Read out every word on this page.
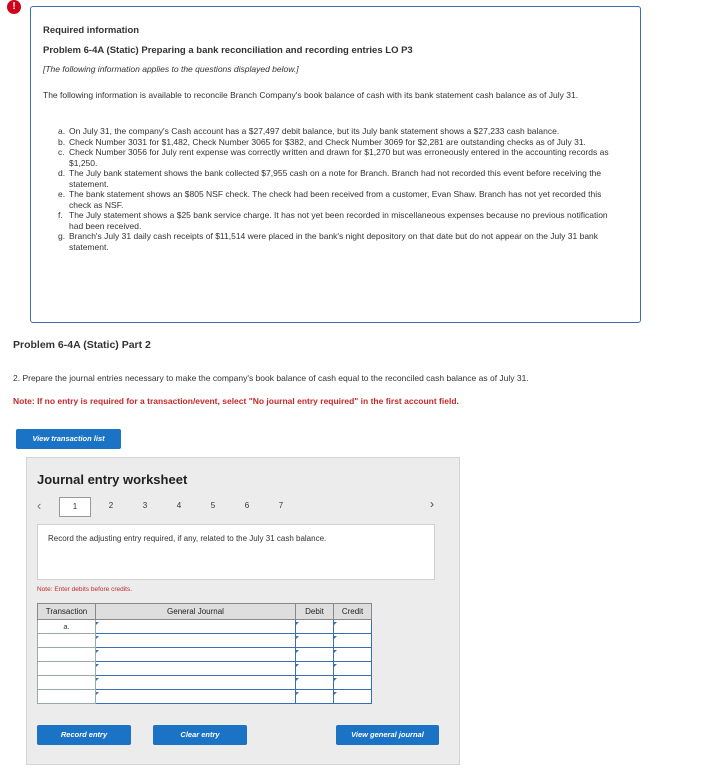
!
Required information
Problem 6-4A (Static) Preparing a bank reconciliation and recording entries LO P3
[The following information applies to the questions displayed below.]
The following information is available to reconcile Branch Company's book balance of cash with its bank statement cash balance as of July 31.
a. On July 31, the company's Cash account has a $27,497 debit balance, but its July bank statement shows a $27,233 cash balance.
b. Check Number 3031 for $1,482, Check Number 3065 for $382, and Check Number 3069 for $2,281 are outstanding checks as of July 31.
c. Check Number 3056 for July rent expense was correctly written and drawn for $1,270 but was erroneously entered in the accounting records as $1,250.
d. The July bank statement shows the bank collected $7,955 cash on a note for Branch. Branch had not recorded this event before receiving the statement.
e. The bank statement shows an $805 NSF check. The check had been received from a customer, Evan Shaw. Branch has not yet recorded this check as NSF.
f. The July statement shows a $25 bank service charge. It has not yet been recorded in miscellaneous expenses because no previous notification had been received.
g. Branch's July 31 daily cash receipts of $11,514 were placed in the bank's night depository on that date but do not appear on the July 31 bank statement.
Problem 6-4A (Static) Part 2
2. Prepare the journal entries necessary to make the company's book balance of cash equal to the reconciled cash balance as of July 31.
Note: If no entry is required for a transaction/event, select "No journal entry required" in the first account field.
View transaction list
Journal entry worksheet
‹	1	2	3	4	5	6	7
Record the adjusting entry required, if any, related to the July 31 cash balance.
Note: Enter debits before credits.
Transaction	General Journal	Debit	Credit
a.			

›
Record entry	Clear entry	View general journal
